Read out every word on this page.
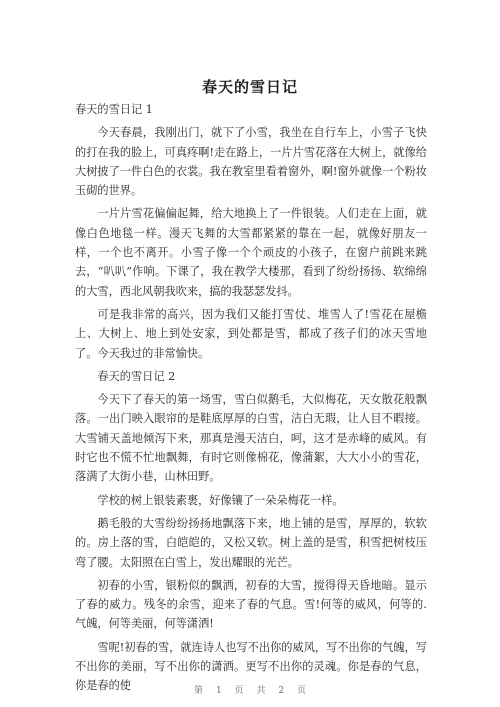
春天的雪日记

春天的雪日记 1

今天春晨，我刚出门，就下了小雪，我坐在自行车上，小雪子飞快的打在我的脸上，可真疼啊!走在路上，一片片雪花落在大树上，就像给大树披了一件白色的衣裳。我在教室里看着窗外，啊!窗外就像一个粉妆玉砌的世界。

一片片雪花偏偏起舞，给大地换上了一件银装。人们走在上面，就像白色地毯一样。漫天飞舞的大雪都紧紧的靠在一起，就像好朋友一样，一个也不离开。小雪子像一个个顽皮的小孩子，在窗户前跳来跳去，“叭叭”作响。下课了，我在教学大楼那，看到了纷纷扬扬、软绵绵的大雪，西北风朝我吹来，搞的我瑟瑟发抖。

可是我非常的高兴，因为我们又能打雪仗、堆雪人了!雪花在屋檐上、大树上、地上到处安家，到处都是雪，都成了孩子们的冰天雪地了。今天我过的非常愉快。

春天的雪日记 2

今天下了春天的第一场雪，雪白似鹅毛，大似梅花，天女散花般飘落。一出门映入眼帘的是鞋底厚厚的白雪，洁白无瑕，让人目不暇接。大雪铺天盖地倾泻下来，那真是漫天洁白，呵，这才是赤峰的威风。有时它也不慌不忙地飘舞，有时它则像棉花，像蒲絮，大大小小的雪花，落满了大街小巷，山林田野。

学校的树上银装素裹，好像镶了一朵朵梅花一样。

鹅毛般的大雪纷纷扬扬地飘落下来，地上铺的是雪，厚厚的，软软的。房上落的雪，白皑皑的，又松又软。树上盖的是雪，积雪把树枝压弯了腰。太阳照在白雪上，发出耀眼的光芒。

初春的小雪，银粉似的飘洒，初春的大雪，搅得得天昏地暗。显示了春的威力。残冬的余雪，迎来了春的气息。雪!何等的威风，何等的.气魄，何等美丽，何等潇洒!

雪呢!初春的雪，就连诗人也写不出你的威风，写不出你的气魄，写不出你的美丽，写不出你的潇洒。更写不出你的灵魂。你是春的气息，你是春的使	第 1 页 共 2 页
